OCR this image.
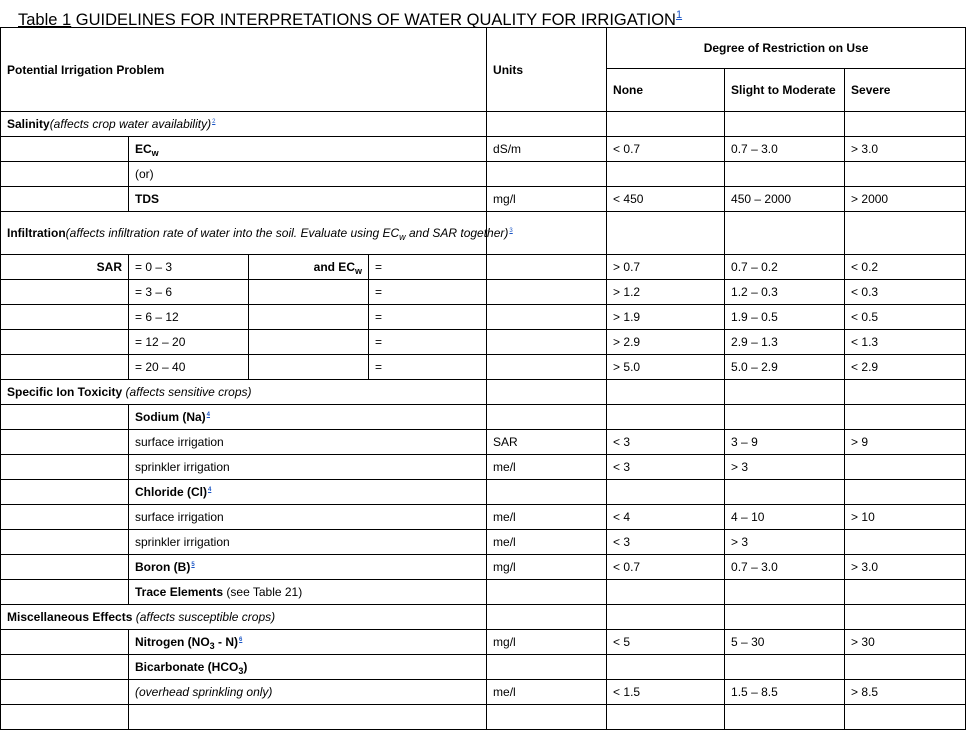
Table 1 GUIDELINES FOR INTERPRETATIONS OF WATER QUALITY FOR IRRIGATION$^1$
Potential Irrigation Problem				Units	Degree of Restriction on Use		
					None	Slight to Moderate	Severe
Salinity(affects crop water availability)$^2$				
	$EC_w$			dS/m	< 0.7	0.7 – 3.0	> 3.0
	(or)						
	TDS			mg/l	< 450	450 – 2000	> 2000
Infiltration(affects infiltration rate of water into the soil. Evaluate using $EC_w$ and SAR together)$^3$				
SAR	= 0 – 3	and $EC_w$	=		> 0.7	0.7 – 0.2	< 0.2
	= 3 – 6		=		> 1.2	1.2 – 0.3	< 0.3
	= 6 – 12		=		> 1.9	1.9 – 0.5	< 0.5
	= 12 – 20		=		> 2.9	2.9 – 1.3	< 1.3
	= 20 – 40		=		> 5.0	5.0 – 2.9	< 2.9
Specific Ion Toxicity (affects sensitive crops)							
	Sodium (Na)$^4$				
	surface irrigation			SAR	< 3	3 – 9	> 9
	sprinkler irrigation			me/l	< 3	> 3	
	Chloride (Cl)$^4$				
	surface irrigation			me/l	< 4	4 – 10	> 10
	sprinkler irrigation			me/l	< 3	> 3	
	Boron (B)$^5$			mg/l	< 0.7	0.7 – 3.0	> 3.0
	Trace Elements (see Table 21)						
Miscellaneous Effects (affects susceptible crops)							
	Nitrogen $(NO_3 - N)^6$			mg/l	< 5	5 – 30	> 30
	Bicarbonate $(HCO_3)$						
	(overhead sprinkling only)			me/l	< 1.5	1.5 – 8.5	> 8.5
